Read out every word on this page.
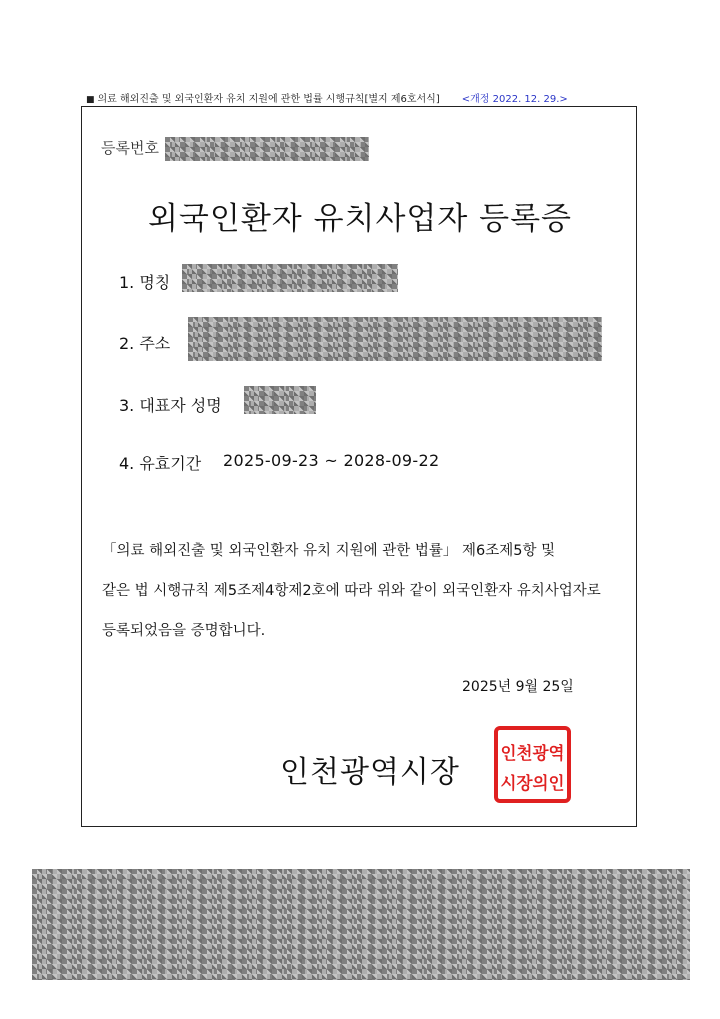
■ 의료 해외진출 및 외국인환자 유치 지원에 관한 법률 시행규칙[별지 제6호서식] <개정 2022. 12. 29.>
등록번호
외국인환자 유치사업자 등록증
1. 명칭
2. 주소
3. 대표자 성명
4. 유효기간 2025-09-23 ~ 2028-09-22
「의료 해외진출 및 외국인환자 유치 지원에 관한 법률」 제6조제5항 및
같은 법 시행규칙 제5조제4항제2호에 따라 위와 같이 외국인환자 유치사업자로
등록되었음을 증명합니다.
2025년 9월 25일
인천광역시장
인천광역
시장의인
